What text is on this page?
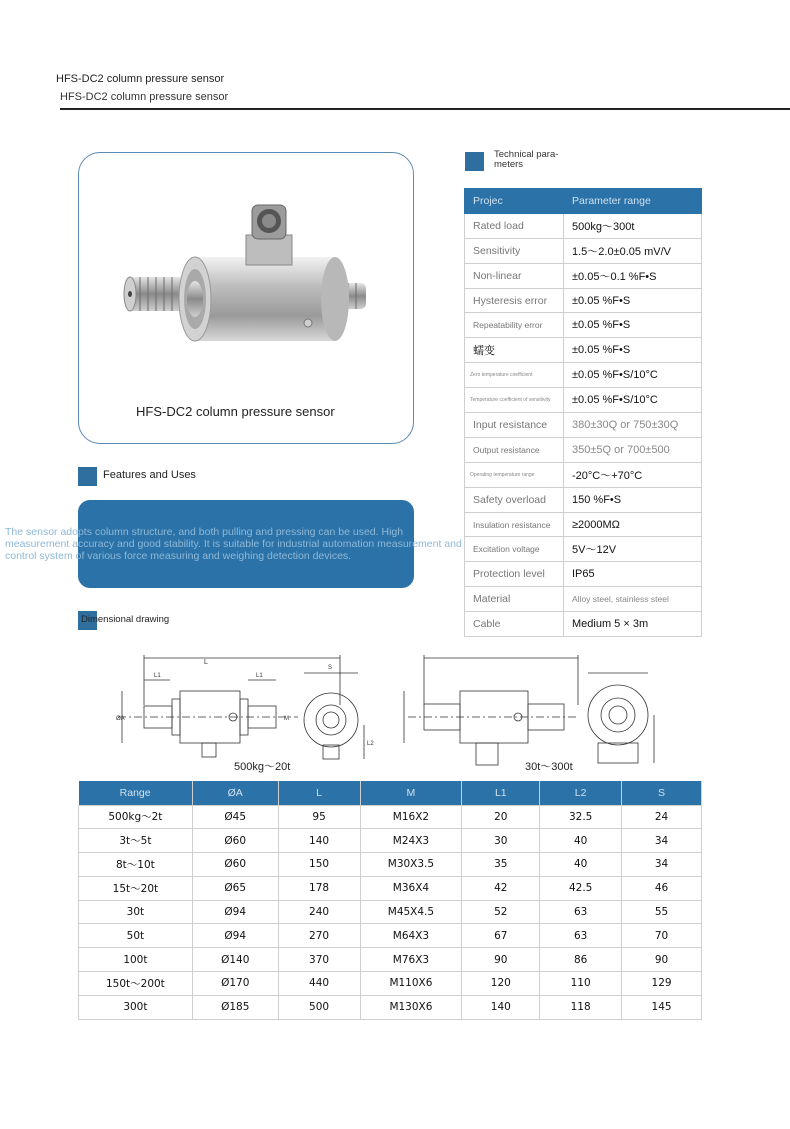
HFS-DC2 column pressure sensor
HFS-DC2 column pressure sensor
HFS-DC2 column pressure sensor
Technical para-meters
Projec	Parameter range
Rated load	500kg～300t
Sensitivity	1.5～2.0±0.05 mV/V
Non-linear	±0.05～0.1 %F•S
Hysteresis error	±0.05 %F•S
Repeatability error	±0.05 %F•S
蠕变	±0.05 %F•S
Zero temperature coefficient	±0.05 %F•S/10°C
Temperature coefficient of sensitivity	±0.05 %F•S/10°C
Input resistance	380±30Q or 750±30Q
Output resistance	350±5Q or 700±500
Operating temperature range	-20°C～+70°C
Safety overload	150 %F•S
Insulation resistance	≥2000MΩ
Excitation voltage	5V～12V
Protection level	IP65
Material	Alloy steel, stainless steel
Cable	Medium 5 × 3m
Features and Uses
The sensor adopts column structure, and both pulling and pressing can be used. High measurement accuracy and good stability. It is suitable for industrial automation measurement and control system of various force measuring and weighing detection devices.
Dimensional drawing
L
L1	L1
ØA	M
S
L2
500kg～20t	30t～300t
Range	ØA	L	M	L1	L2	S
500kg～2t	Ø45	95	M16X2	20	32.5	24
3t～5t	Ø60	140	M24X3	30	40	34
8t～10t	Ø60	150	M30X3.5	35	40	34
15t～20t	Ø65	178	M36X4	42	42.5	46
30t	Ø94	240	M45X4.5	52	63	55
50t	Ø94	270	M64X3	67	63	70
100t	Ø140	370	M76X3	90	86	90
150t～200t	Ø170	440	M110X6	120	110	129
300t	Ø185	500	M130X6	140	118	145
